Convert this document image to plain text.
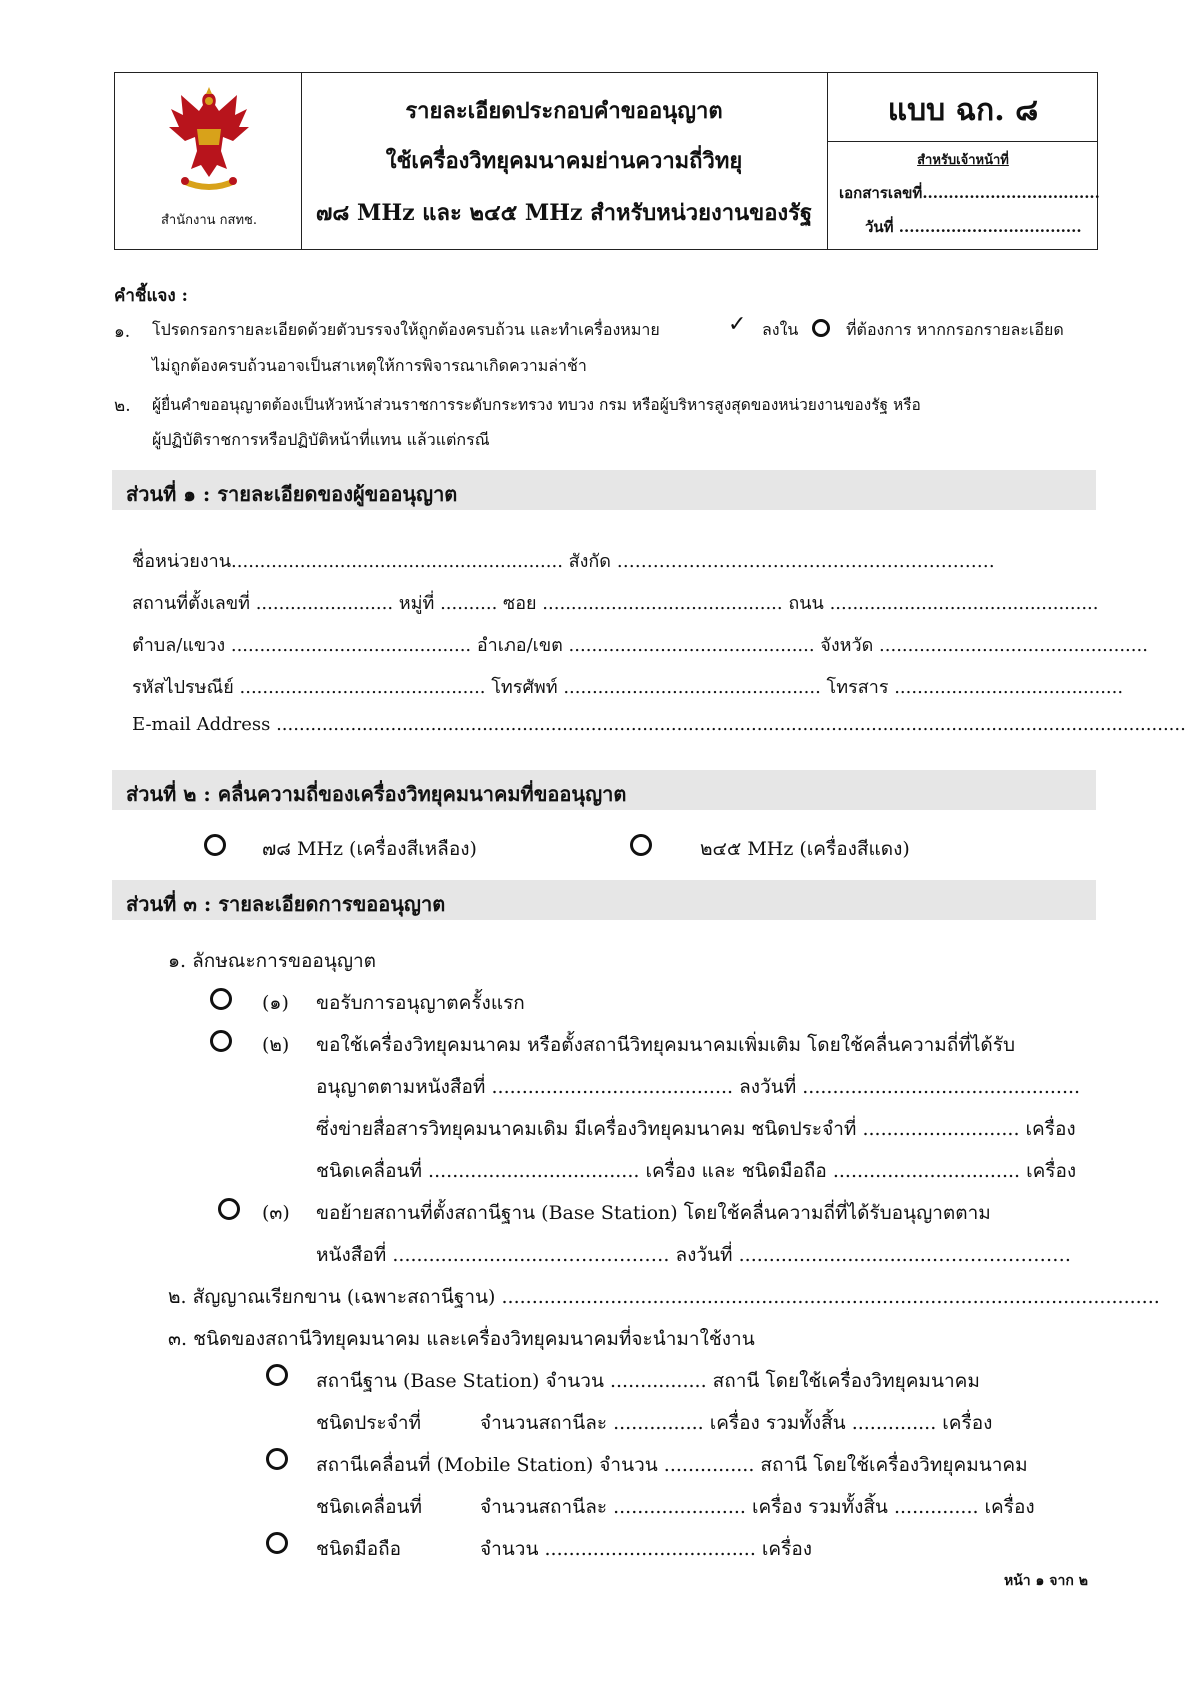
สำนักงาน กสทช.
รายละเอียดประกอบคำขออนุญาต
ใช้เครื่องวิทยุคมนาคมย่านความถี่วิทยุ
๗๘ MHz และ ๒๔๕ MHz สำหรับหน่วยงานของรัฐ
แบบ ฉก. ๘
สำหรับเจ้าหน้าที่
เอกสารเลขที่..................................
วันที่ ...................................
คำชี้แจง :
๑. โปรดกรอกรายละเอียดด้วยตัวบรรจงให้ถูกต้องครบถ้วน และทำเครื่องหมาย	✓ ลงใน	ที่ต้องการ หากกรอกรายละเอียด
ไม่ถูกต้องครบถ้วนอาจเป็นสาเหตุให้การพิจารณาเกิดความล่าช้า
๒. ผู้ยื่นคำขออนุญาตต้องเป็นหัวหน้าส่วนราชการระดับกระทรวง ทบวง กรม หรือผู้บริหารสูงสุดของหน่วยงานของรัฐ หรือ
ผู้ปฏิบัติราชการหรือปฏิบัติหน้าที่แทน แล้วแต่กรณี
ส่วนที่ ๑ : รายละเอียดของผู้ขออนุญาต
ชื่อหน่วยงาน.......................................................... สังกัด ………………………………………………………
สถานที่ตั้งเลขที่ ........................ หมู่ที่ .......... ซอย .......................................... ถนน ...............................................
ตำบล/แขวง .......................................... อำเภอ/เขต ........................................... จังหวัด ...............................................
รหัสไปรษณีย์ ........................................... โทรศัพท์ ............................................. โทรสาร ........................................
E-mail Address ...............................................................................................................................................................
ส่วนที่ ๒ : คลื่นความถี่ของเครื่องวิทยุคมนาคมที่ขออนุญาต
๗๘ MHz (เครื่องสีเหลือง)	๒๔๕ MHz (เครื่องสีแดง)
ส่วนที่ ๓ : รายละเอียดการขออนุญาต
๑. ลักษณะการขออนุญาต
(๑) ขอรับการอนุญาตครั้งแรก
(๒) ขอใช้เครื่องวิทยุคมนาคม หรือตั้งสถานีวิทยุคมนาคมเพิ่มเติม โดยใช้คลื่นความถี่ที่ได้รับ
อนุญาตตามหนังสือที่ ........................................ ลงวันที่ ..............................................
ซึ่งข่ายสื่อสารวิทยุคมนาคมเดิม มีเครื่องวิทยุคมนาคม ชนิดประจำที่ .......................... เครื่อง
ชนิดเคลื่อนที่ ................................... เครื่อง และ ชนิดมือถือ ............................... เครื่อง
(๓) ขอย้ายสถานที่ตั้งสถานีฐาน (Base Station) โดยใช้คลื่นความถี่ที่ได้รับอนุญาตตาม
หนังสือที่ ..........................………………. ลงวันที่ ................................………………….
๒. สัญญาณเรียกขาน (เฉพาะสถานีฐาน) .............................................................................................................
๓. ชนิดของสถานีวิทยุคมนาคม และเครื่องวิทยุคมนาคมที่จะนำมาใช้งาน
สถานีฐาน (Base Station) จำนวน ................ สถานี โดยใช้เครื่องวิทยุคมนาคม
ชนิดประจำที่	จำนวนสถานีละ ............... เครื่อง รวมทั้งสิ้น .............. เครื่อง
สถานีเคลื่อนที่ (Mobile Station) จำนวน ............... สถานี โดยใช้เครื่องวิทยุคมนาคม
ชนิดเคลื่อนที่	จำนวนสถานีละ ...................... เครื่อง รวมทั้งสิ้น .............. เครื่อง
ชนิดมือถือ	จำนวน ................................... เครื่อง
หน้า ๑ จาก ๒
